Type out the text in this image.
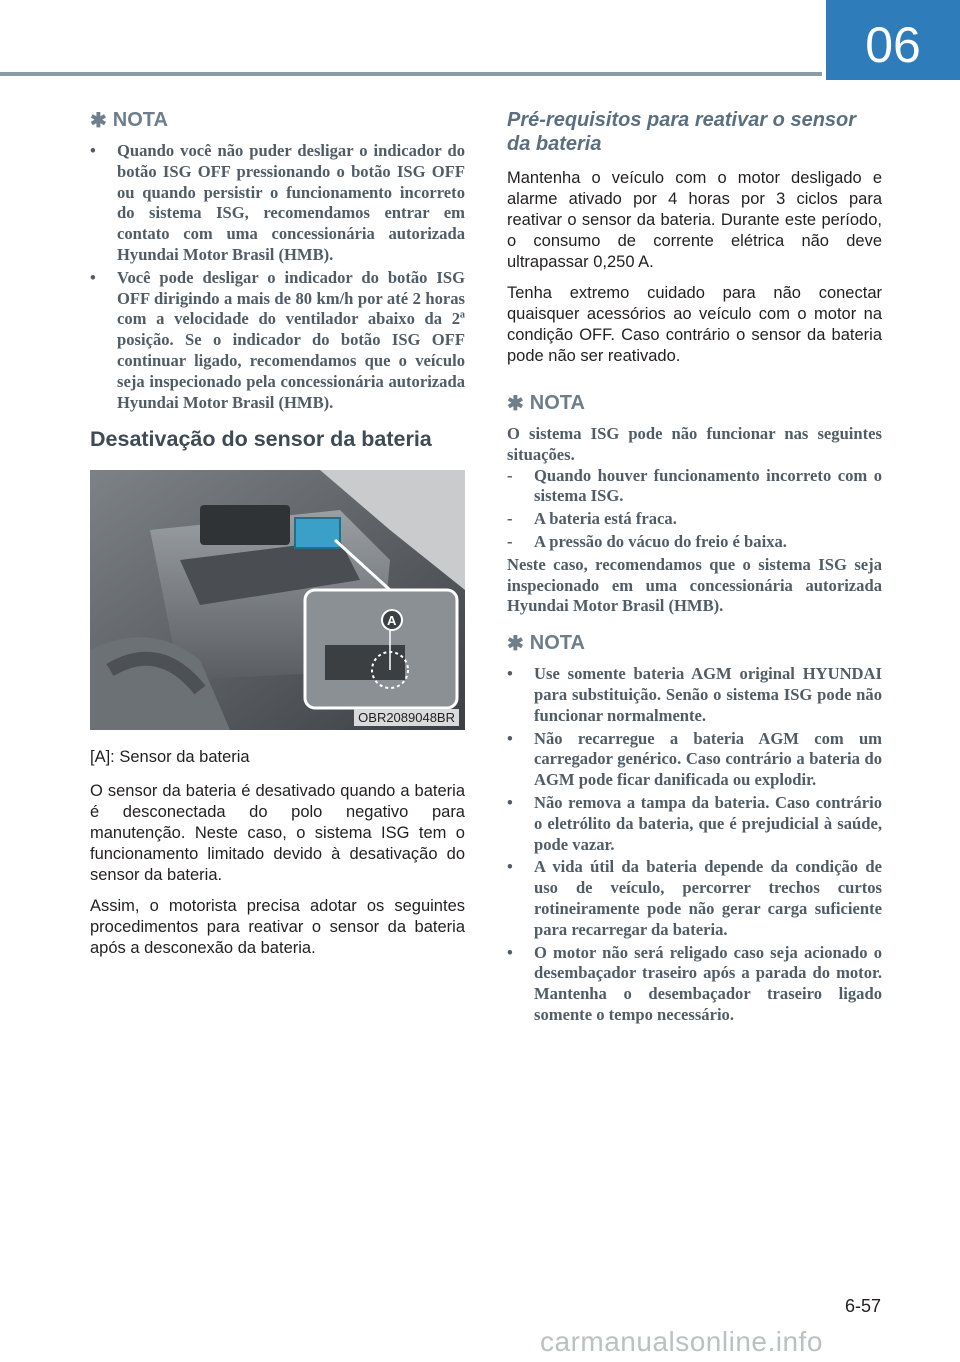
06
✱ NOTA
•	Quando você não puder desligar o indicador do botão ISG OFF pressionando o botão ISG OFF ou quando persistir o funcionamento incorreto do sistema ISG, recomendamos entrar em contato com uma concessionária autorizada Hyundai Motor Brasil (HMB).
•	Você pode desligar o indicador do botão ISG OFF dirigindo a mais de 80 km/h por até 2 horas com a velocidade do ventilador abaixo da 2ª posição. Se o indicador do botão ISG OFF continuar ligado, recomendamos que o veículo seja inspecionado pela concessionária autorizada Hyundai Motor Brasil (HMB).
Desativação do sensor da bateria
A
OBR2089048BR
[A]: Sensor da bateria

O sensor da bateria é desativado quando a bateria é desconectada do polo negativo para manutenção. Neste caso, o sistema ISG tem o funcionamento limitado devido à desativação do sensor da bateria.

Assim, o motorista precisa adotar os seguintes procedimentos para reativar o sensor da bateria após a desconexão da bateria.

Pré-requisitos para reativar o sensor da bateria

Mantenha o veículo com o motor desligado e alarme ativado por 4 horas por 3 ciclos para reativar o sensor da bateria. Durante este período, o consumo de corrente elétrica não deve ultrapassar 0,250 A.

Tenha extremo cuidado para não conectar quaisquer acessórios ao veículo com o motor na condição OFF. Caso contrário o sensor da bateria pode não ser reativado.

✱ NOTA
O sistema ISG pode não funcionar nas seguintes situações.
-	Quando houver funcionamento incorreto com o sistema ISG.
-	A bateria está fraca.
-	A pressão do vácuo do freio é baixa.
Neste caso, recomendamos que o sistema ISG seja inspecionado em uma concessionária autorizada Hyundai Motor Brasil (HMB).
✱ NOTA
•	Use somente bateria AGM original HYUNDAI para substituição. Senão o sistema ISG pode não funcionar normalmente.
•	Não recarregue a bateria AGM com um carregador genérico. Caso contrário a bateria do AGM pode ficar danificada ou explodir.
•	Não remova a tampa da bateria. Caso contrário o eletrólito da bateria, que é prejudicial à saúde, pode vazar.
•	A vida útil da bateria depende da condição de uso de veículo, percorrer trechos curtos rotineiramente pode não gerar carga suficiente para recarregar da bateria.
•	O motor não será religado caso seja acionado o desembaçador traseiro após a parada do motor. Mantenha o desembaçador traseiro ligado somente o tempo necessário.
6-57
carmanualsonline.info
